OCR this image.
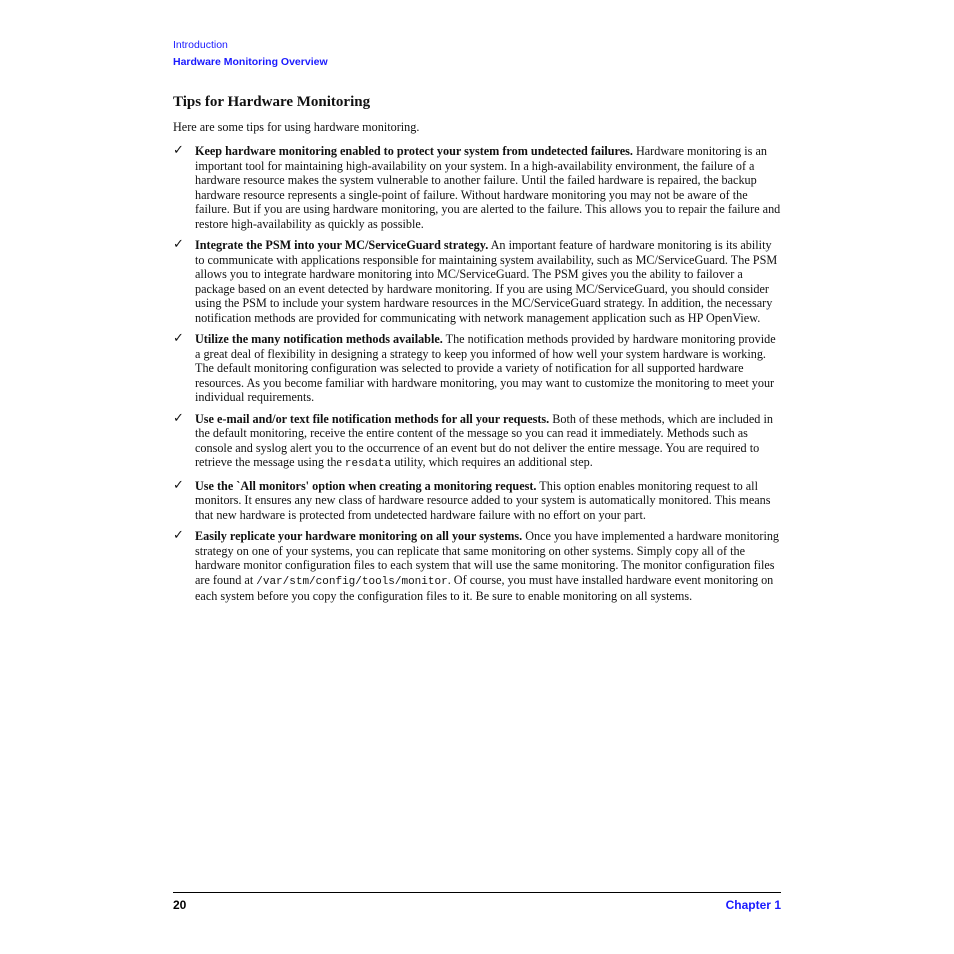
Introduction
Hardware Monitoring Overview
Tips for Hardware Monitoring

Here are some tips for using hardware monitoring.

✓ Keep hardware monitoring enabled to protect your system from undetected failures. Hardware monitoring is an important tool for maintaining high-availability on your system. In a high-availability environment, the failure of a hardware resource makes the system vulnerable to another failure. Until the failed hardware is repaired, the backup hardware resource represents a single-point of failure. Without hardware monitoring you may not be aware of the failure. But if you are using hardware monitoring, you are alerted to the failure. This allows you to repair the failure and restore high-availability as quickly as possible.
✓ Integrate the PSM into your MC/ServiceGuard strategy. An important feature of hardware monitoring is its ability to communicate with applications responsible for maintaining system availability, such as MC/ServiceGuard. The PSM allows you to integrate hardware monitoring into MC/ServiceGuard. The PSM gives you the ability to failover a package based on an event detected by hardware monitoring. If you are using MC/ServiceGuard, you should consider using the PSM to include your system hardware resources in the MC/ServiceGuard strategy. In addition, the necessary notification methods are provided for communicating with network management application such as HP OpenView.
✓ Utilize the many notification methods available. The notification methods provided by hardware monitoring provide a great deal of flexibility in designing a strategy to keep you informed of how well your system hardware is working. The default monitoring configuration was selected to provide a variety of notification for all supported hardware resources. As you become familiar with hardware monitoring, you may want to customize the monitoring to meet your individual requirements.
✓ Use e-mail and/or text file notification methods for all your requests. Both of these methods, which are included in the default monitoring, receive the entire content of the message so you can read it immediately. Methods such as console and syslog alert you to the occurrence of an event but do not deliver the entire message. You are required to retrieve the message using the resdata utility, which requires an additional step.
✓ Use the `All monitors' option when creating a monitoring request. This option enables monitoring request to all monitors. It ensures any new class of hardware resource added to your system is automatically monitored. This means that new hardware is protected from undetected hardware failure with no effort on your part.
✓ Easily replicate your hardware monitoring on all your systems. Once you have implemented a hardware monitoring strategy on one of your systems, you can replicate that same monitoring on other systems. Simply copy all of the hardware monitor configuration files to each system that will use the same monitoring. The monitor configuration files are found at /var/stm/config/tools/monitor. Of course, you must have installed hardware event monitoring on each system before you copy the configuration files to it. Be sure to enable monitoring on all systems.
20	Chapter 1
